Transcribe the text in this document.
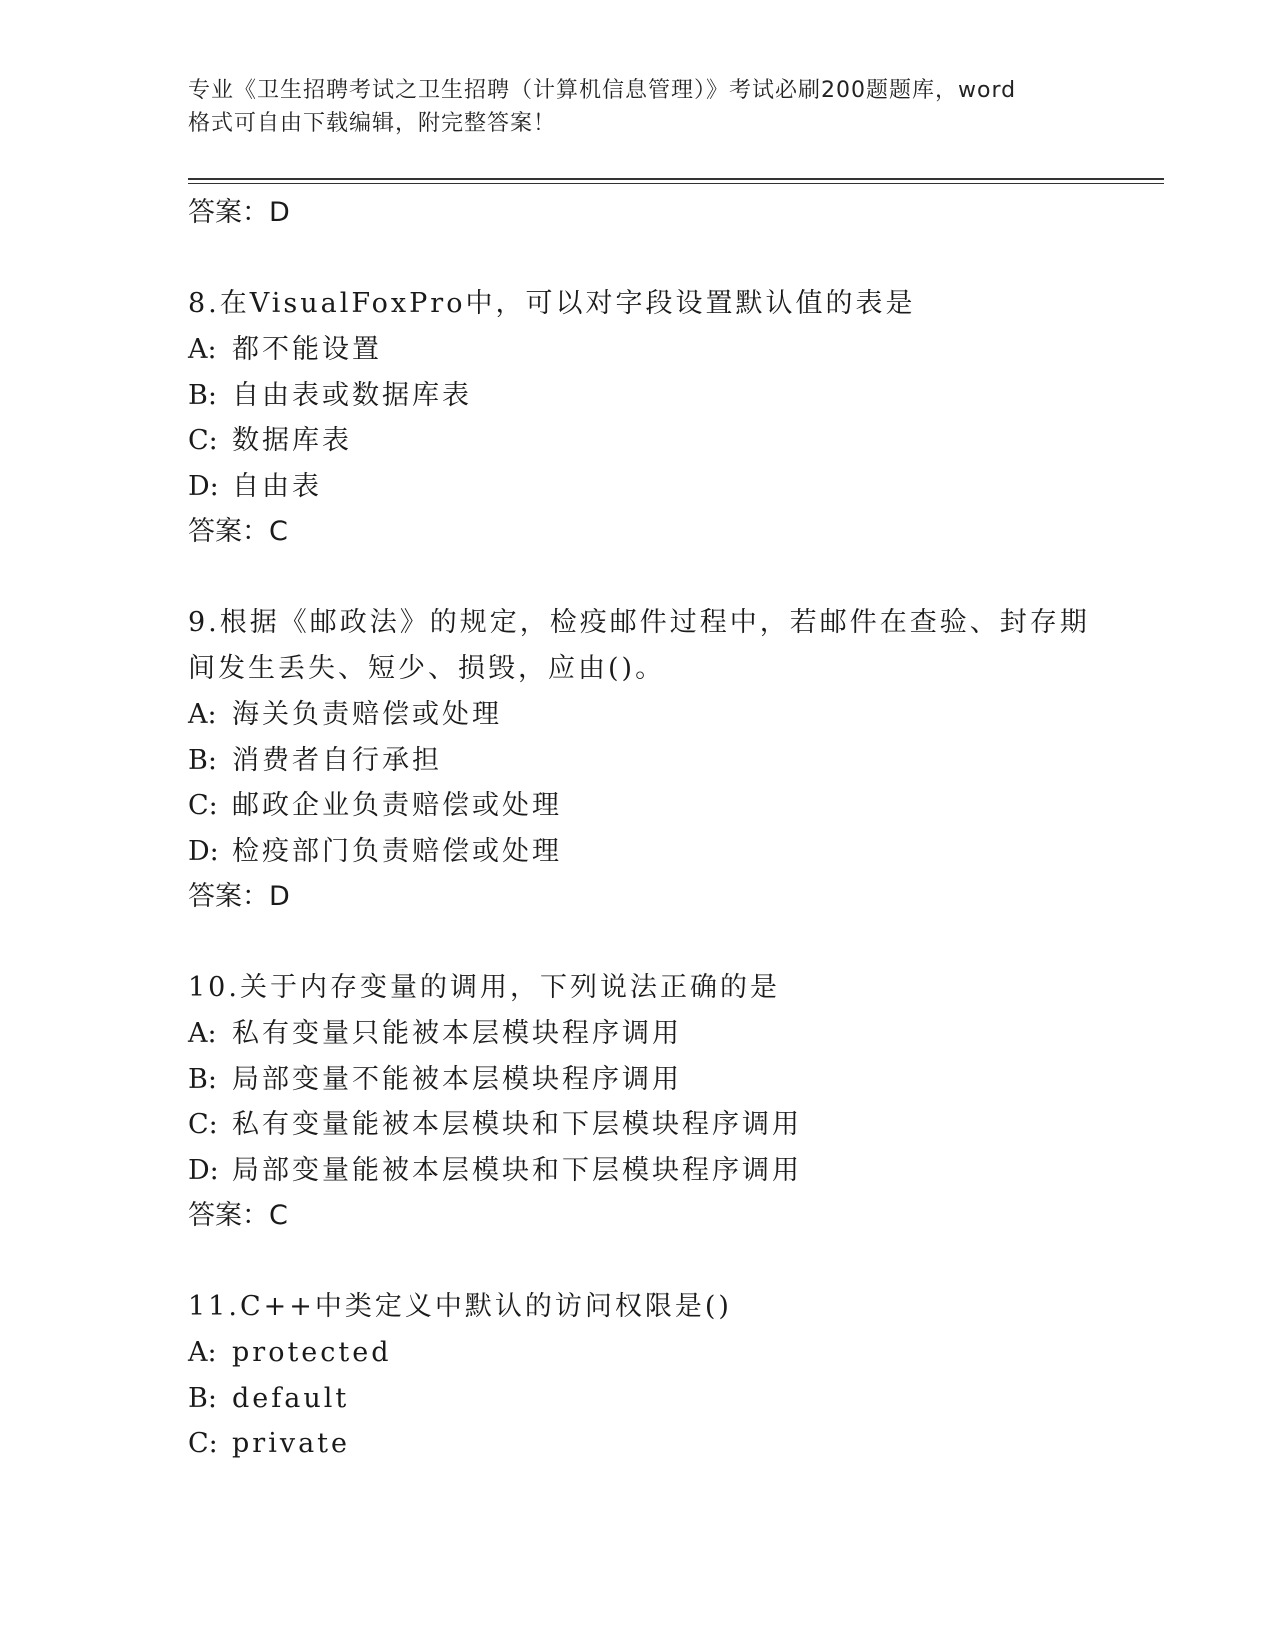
专业《卫生招聘考试之卫生招聘（计算机信息管理）》考试必刷200题题库，word
格式可自由下载编辑，附完整答案！
答案：D
8.在VisualFoxPro中，可以对字段设置默认值的表是
A: 都不能设置
B: 自由表或数据库表
C: 数据库表
D: 自由表
答案：C
9.根据《邮政法》的规定，检疫邮件过程中，若邮件在查验、封存期
间发生丢失、短少、损毁，应由()。
A: 海关负责赔偿或处理
B: 消费者自行承担
C: 邮政企业负责赔偿或处理
D: 检疫部门负责赔偿或处理
答案：D
10.关于内存变量的调用，下列说法正确的是
A: 私有变量只能被本层模块程序调用
B: 局部变量不能被本层模块程序调用
C: 私有变量能被本层模块和下层模块程序调用
D: 局部变量能被本层模块和下层模块程序调用
答案：C
11.C++中类定义中默认的访问权限是()
A: protected
B: default
C: private
